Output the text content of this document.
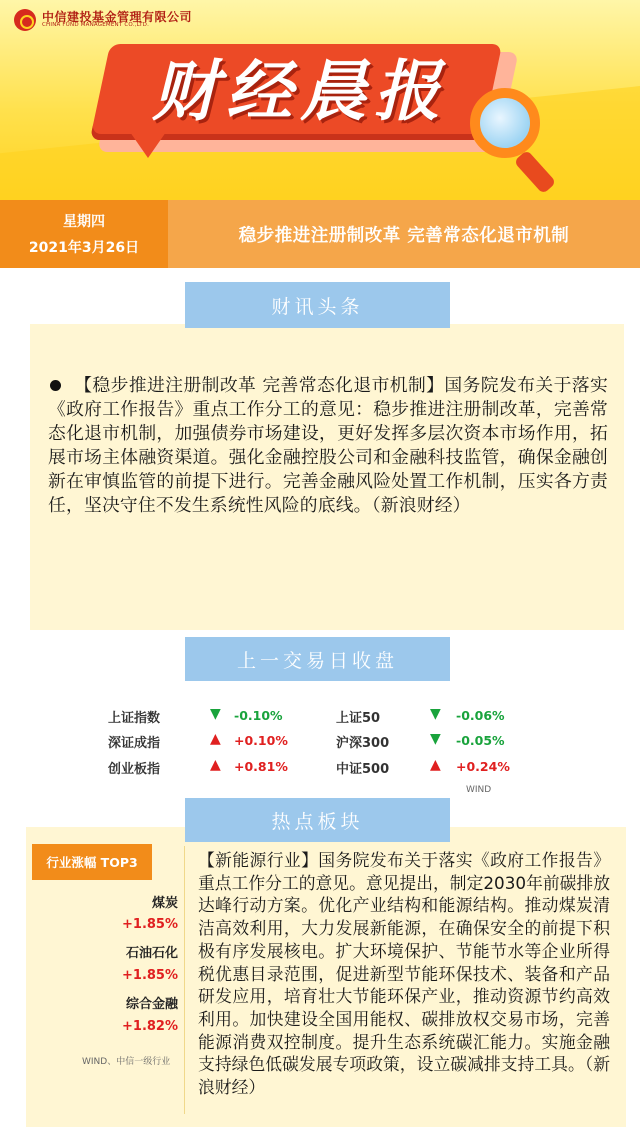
中信建投基金管理有限公司
CHINA FUND MANAGEMENT CO.,LTD.
财经晨报
星期四
2021年3月26日
稳步推进注册制改革 完善常态化退市机制
财讯头条
【稳步推进注册制改革 完善常态化退市机制】国务院发布关于落实《政府工作报告》重点工作分工的意见：稳步推进注册制改革，完善常态化退市机制，加强债券市场建设，更好发挥多层次资本市场作用，拓展市场主体融资渠道。强化金融控股公司和金融科技监管，确保金融创新在审慎监管的前提下进行。完善金融风险处置工作机制，压实各方责任，坚决守住不发生系统性风险的底线。（新浪财经）
上一交易日收盘
上证指数	▼ -0.10%
深证成指	▲ +0.10%
创业板指	▲ +0.81%
上证50	▼ -0.06%
沪深300	▼ -0.05%
中证500	▲ +0.24%
WIND
热点板块
行业涨幅 TOP3
煤炭
+1.85%
石油石化
+1.85%
综合金融
+1.82%
WIND、中信一级行业
【新能源行业】国务院发布关于落实《政府工作报告》重点工作分工的意见。意见提出，制定2030年前碳排放达峰行动方案。优化产业结构和能源结构。推动煤炭清洁高效利用，大力发展新能源，在确保安全的前提下积极有序发展核电。扩大环境保护、节能节水等企业所得税优惠目录范围，促进新型节能环保技术、装备和产品研发应用，培育壮大节能环保产业，推动资源节约高效利用。加快建设全国用能权、碳排放权交易市场，完善能源消费双控制度。提升生态系统碳汇能力。实施金融支持绿色低碳发展专项政策，设立碳减排支持工具。（新浪财经）
